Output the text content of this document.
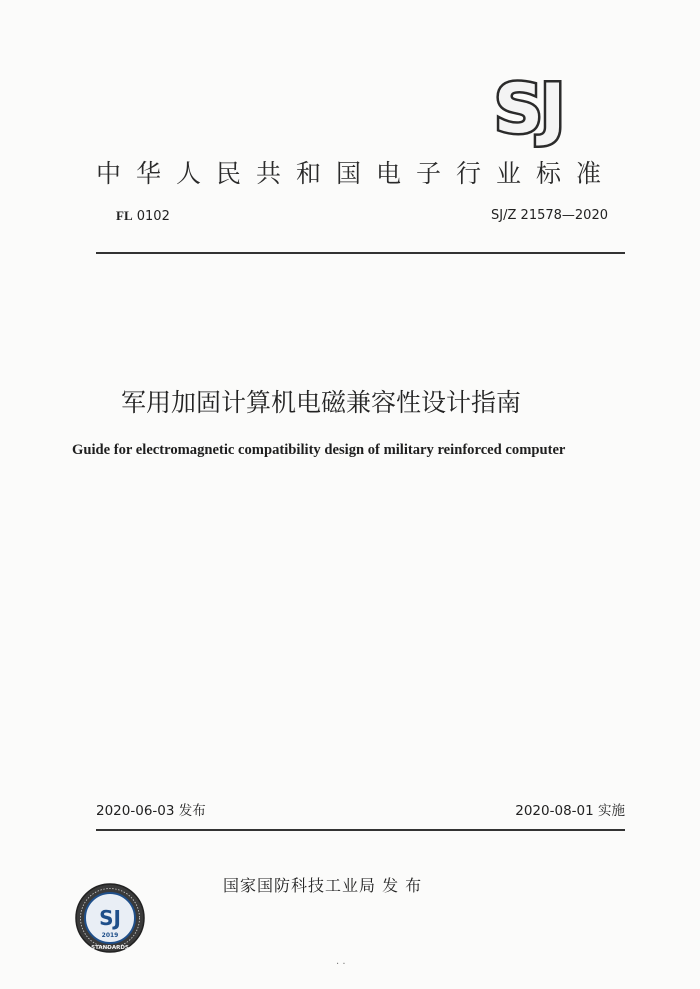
SJ
中华人民共和国电子行业标准
FL 0102	SJ/Z 21578—2020
军用加固计算机电磁兼容性设计指南
Guide for electromagnetic compatibility design of military reinforced computer
2020-06-03 发布	2020-08-01 实施
国家国防科技工业局 发 布
SJ
2019
STANDARDS
· ·
